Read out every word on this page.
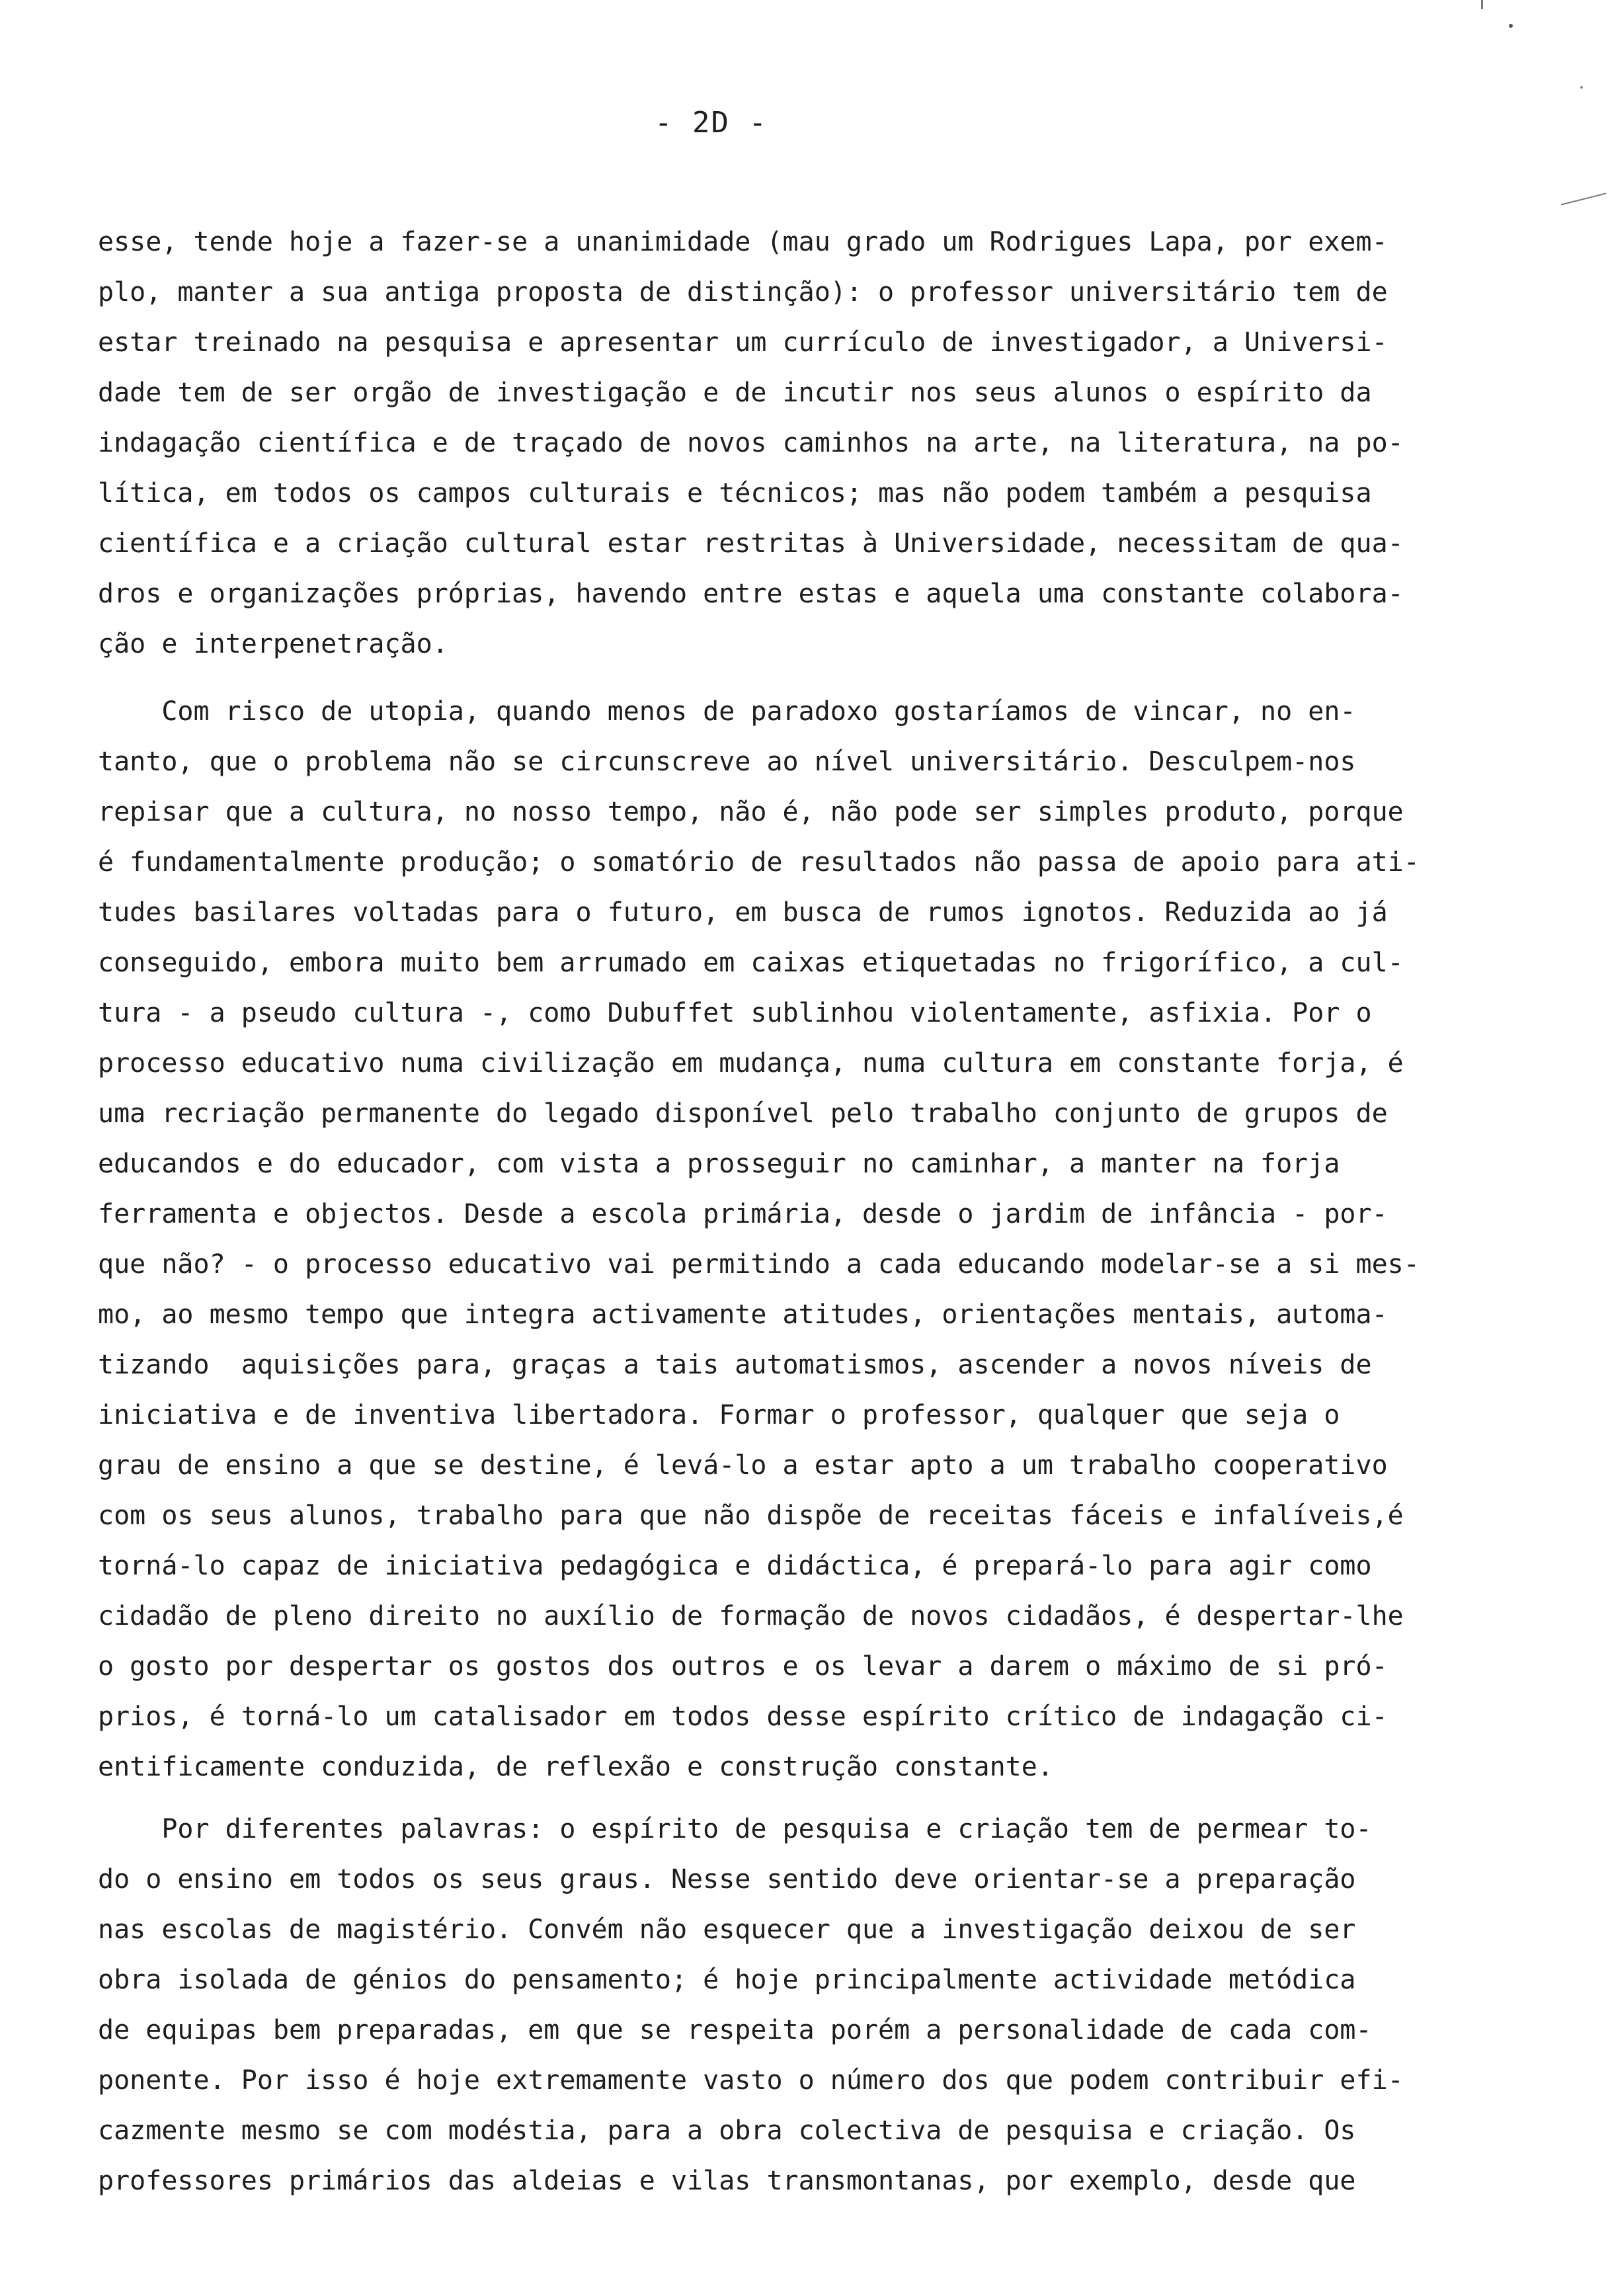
- 2D -
esse, tende hoje a fazer-se a unanimidade (mau grado um Rodrigues Lapa, por exem-
plo, manter a sua antiga proposta de distinção): o professor universitário tem de
estar treinado na pesquisa e apresentar um currículo de investigador, a Universi-
dade tem de ser orgão de investigação e de incutir nos seus alunos o espírito da
indagação científica e de traçado de novos caminhos na arte, na literatura, na po-
lítica, em todos os campos culturais e técnicos; mas não podem também a pesquisa
científica e a criação cultural estar restritas à Universidade, necessitam de qua-
dros e organizações próprias, havendo entre estas e aquela uma constante colabora-
ção e interpenetração.
Com risco de utopia, quando menos de paradoxo gostaríamos de vincar, no en-
tanto, que o problema não se circunscreve ao nível universitário. Desculpem-nos
repisar que a cultura, no nosso tempo, não é, não pode ser simples produto, porque
é fundamentalmente produção; o somatório de resultados não passa de apoio para ati-
tudes basilares voltadas para o futuro, em busca de rumos ignotos. Reduzida ao já
conseguido, embora muito bem arrumado em caixas etiquetadas no frigorífico, a cul-
tura - a pseudo cultura -, como Dubuffet sublinhou violentamente, asfixia. Por o
processo educativo numa civilização em mudança, numa cultura em constante forja, é
uma recriação permanente do legado disponível pelo trabalho conjunto de grupos de
educandos e do educador, com vista a prosseguir no caminhar, a manter na forja
ferramenta e objectos. Desde a escola primária, desde o jardim de infância - por-
que não? - o processo educativo vai permitindo a cada educando modelar-se a si mes-
mo, ao mesmo tempo que integra activamente atitudes, orientações mentais, automa-
tizando  aquisições para, graças a tais automatismos, ascender a novos níveis de
iniciativa e de inventiva libertadora. Formar o professor, qualquer que seja o
grau de ensino a que se destine, é levá-lo a estar apto a um trabalho cooperativo
com os seus alunos, trabalho para que não dispõe de receitas fáceis e infalíveis,é
torná-lo capaz de iniciativa pedagógica e didáctica, é prepará-lo para agir como
cidadão de pleno direito no auxílio de formação de novos cidadãos, é despertar-lhe
o gosto por despertar os gostos dos outros e os levar a darem o máximo de si pró-
prios, é torná-lo um catalisador em todos desse espírito crítico de indagação ci-
entificamente conduzida, de reflexão e construção constante.
Por diferentes palavras: o espírito de pesquisa e criação tem de permear to-
do o ensino em todos os seus graus. Nesse sentido deve orientar-se a preparação
nas escolas de magistério. Convém não esquecer que a investigação deixou de ser
obra isolada de génios do pensamento; é hoje principalmente actividade metódica
de equipas bem preparadas, em que se respeita porém a personalidade de cada com-
ponente. Por isso é hoje extremamente vasto o número dos que podem contribuir efi-
cazmente mesmo se com modéstia, para a obra colectiva de pesquisa e criação. Os
professores primários das aldeias e vilas transmontanas, por exemplo, desde que
